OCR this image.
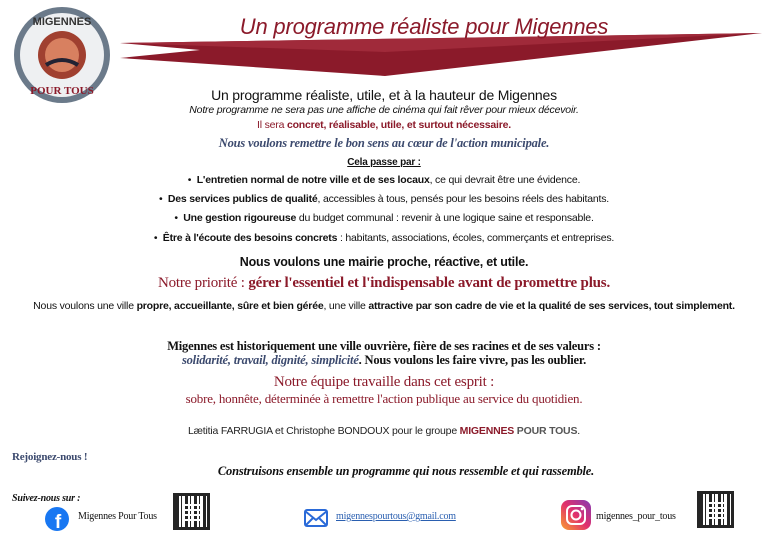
MIGENNES
POUR TOUS
Un programme réaliste pour Migennes
Un programme réaliste, utile, et à la hauteur de Migennes
Notre programme ne sera pas une affiche de cinéma qui fait rêver pour mieux décevoir.
Il sera concret, réalisable, utile, et surtout nécessaire.
Nous voulons remettre le bon sens au cœur de l'action municipale.
Cela passe par :
•  L'entretien normal de notre ville et de ses locaux, ce qui devrait être une évidence.
•  Des services publics de qualité, accessibles à tous, pensés pour les besoins réels des habitants.
•  Une gestion rigoureuse du budget communal : revenir à une logique saine et responsable.
•  Être à l'écoute des besoins concrets : habitants, associations, écoles, commerçants et entreprises.
Nous voulons une mairie proche, réactive, et utile.
Notre priorité : gérer l'essentiel et l'indispensable avant de promettre plus.
Nous voulons une ville propre, accueillante, sûre et bien gérée, une ville attractive par son cadre de vie et la qualité de ses services, tout simplement.
Migennes est historiquement une ville ouvrière, fière de ses racines et de ses valeurs :
solidarité, travail, dignité, simplicité. Nous voulons les faire vivre, pas les oublier.
Notre équipe travaille dans cet esprit :
sobre, honnête, déterminée à remettre l'action publique au service du quotidien.
Lætitia FARRUGIA et Christophe BONDOUX pour le groupe MIGENNES POUR TOUS.
Rejoignez-nous !
Construisons ensemble un programme qui nous ressemble et qui rassemble.
Suivez-nous sur :
f Migennes Pour Tous	migennespourtous@gmail.com	migennes_pour_tous
